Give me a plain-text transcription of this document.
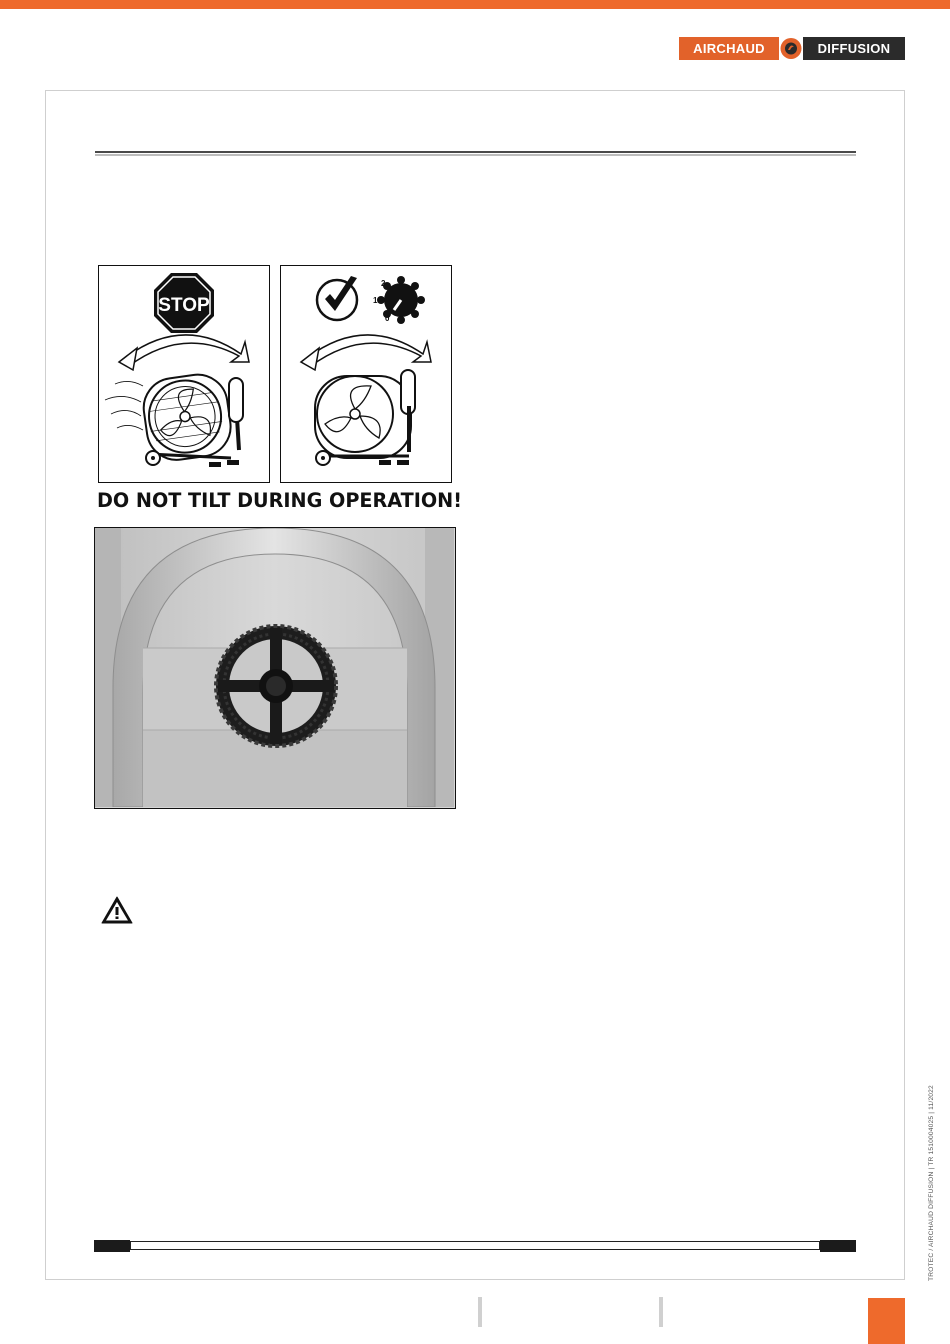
AIRCHAUD	DIFFUSION
STOP
2
1
0
DO NOT TILT DURING OPERATION!
TROTEC / AIRCHAUD DIFFUSION | TR 1510004025 | 11/2022
